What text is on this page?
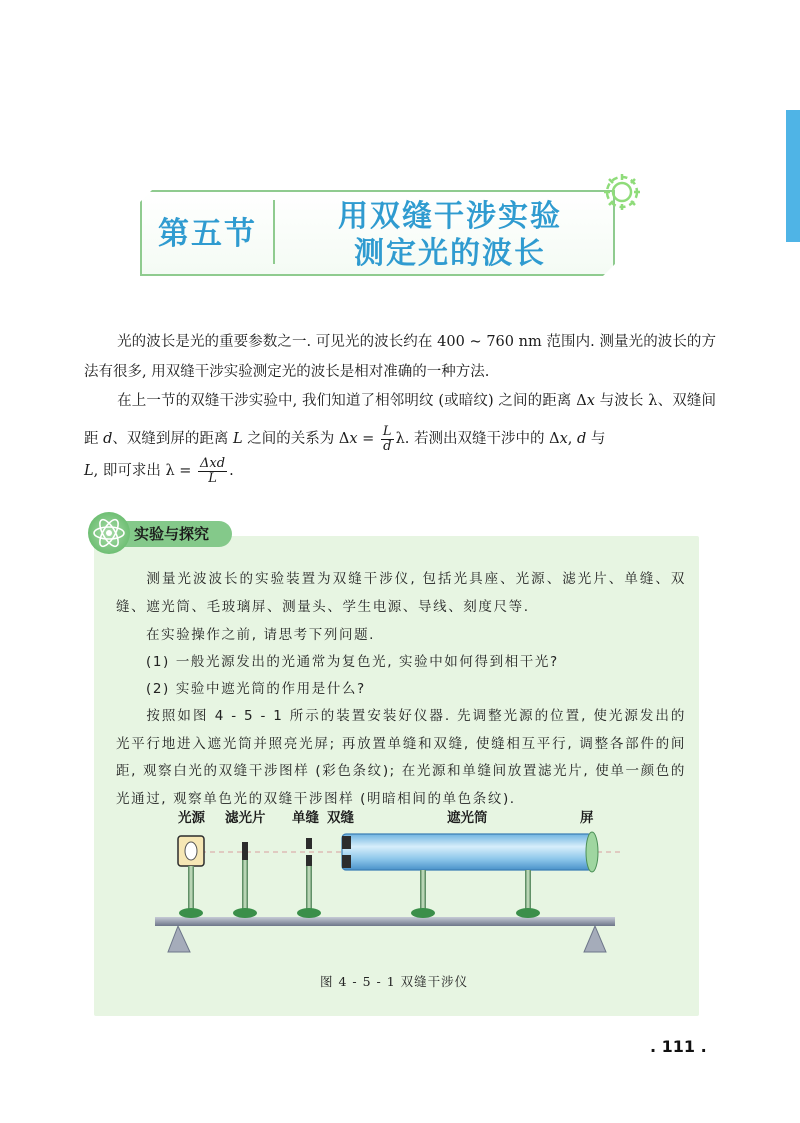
第五节	用双缝干涉实验
测定光的波长
光的波长是光的重要参数之一. 可见光的波长约在 400 ~ 760 nm 范围内. 测量光的波长的方法有很多, 用双缝干涉实验测定光的波长是相对准确的一种方法.
在上一节的双缝干涉实验中, 我们知道了相邻明纹 (或暗纹) 之间的距离 Δx 与波长 λ、双缝间距 d、双缝到屏的距离 L 之间的关系为 $\Delta x = \frac{L}{d} \lambda$. 若测出双缝干涉中的 Δx, d 与
L, 即可求出 $\lambda = \frac{\text{Δxd}}{L}$ .
实验与探究
测量光波波长的实验装置为双缝干涉仪, 包括光具座、光源、滤光片、单缝、双缝、遮光筒、毛玻璃屏、测量头、学生电源、导线、刻度尺等.
在实验操作之前, 请思考下列问题.
(1) 一般光源发出的光通常为复色光, 实验中如何得到相干光?
(2) 实验中遮光筒的作用是什么?
按照如图 4 - 5 - 1 所示的装置安装好仪器. 先调整光源的位置, 使光源发出的光平行地进入遮光筒并照亮光屏; 再放置单缝和双缝, 使缝相互平行, 调整各部件的间距, 观察白光的双缝干涉图样 (彩色条纹); 在光源和单缝间放置滤光片, 使单一颜色的光通过, 观察单色光的双缝干涉图样 (明暗相间的单色条纹).
光源 滤光片 单缝 双缝	遮光筒	屏
图 4 - 5 - 1 双缝干涉仪
. 111 .
